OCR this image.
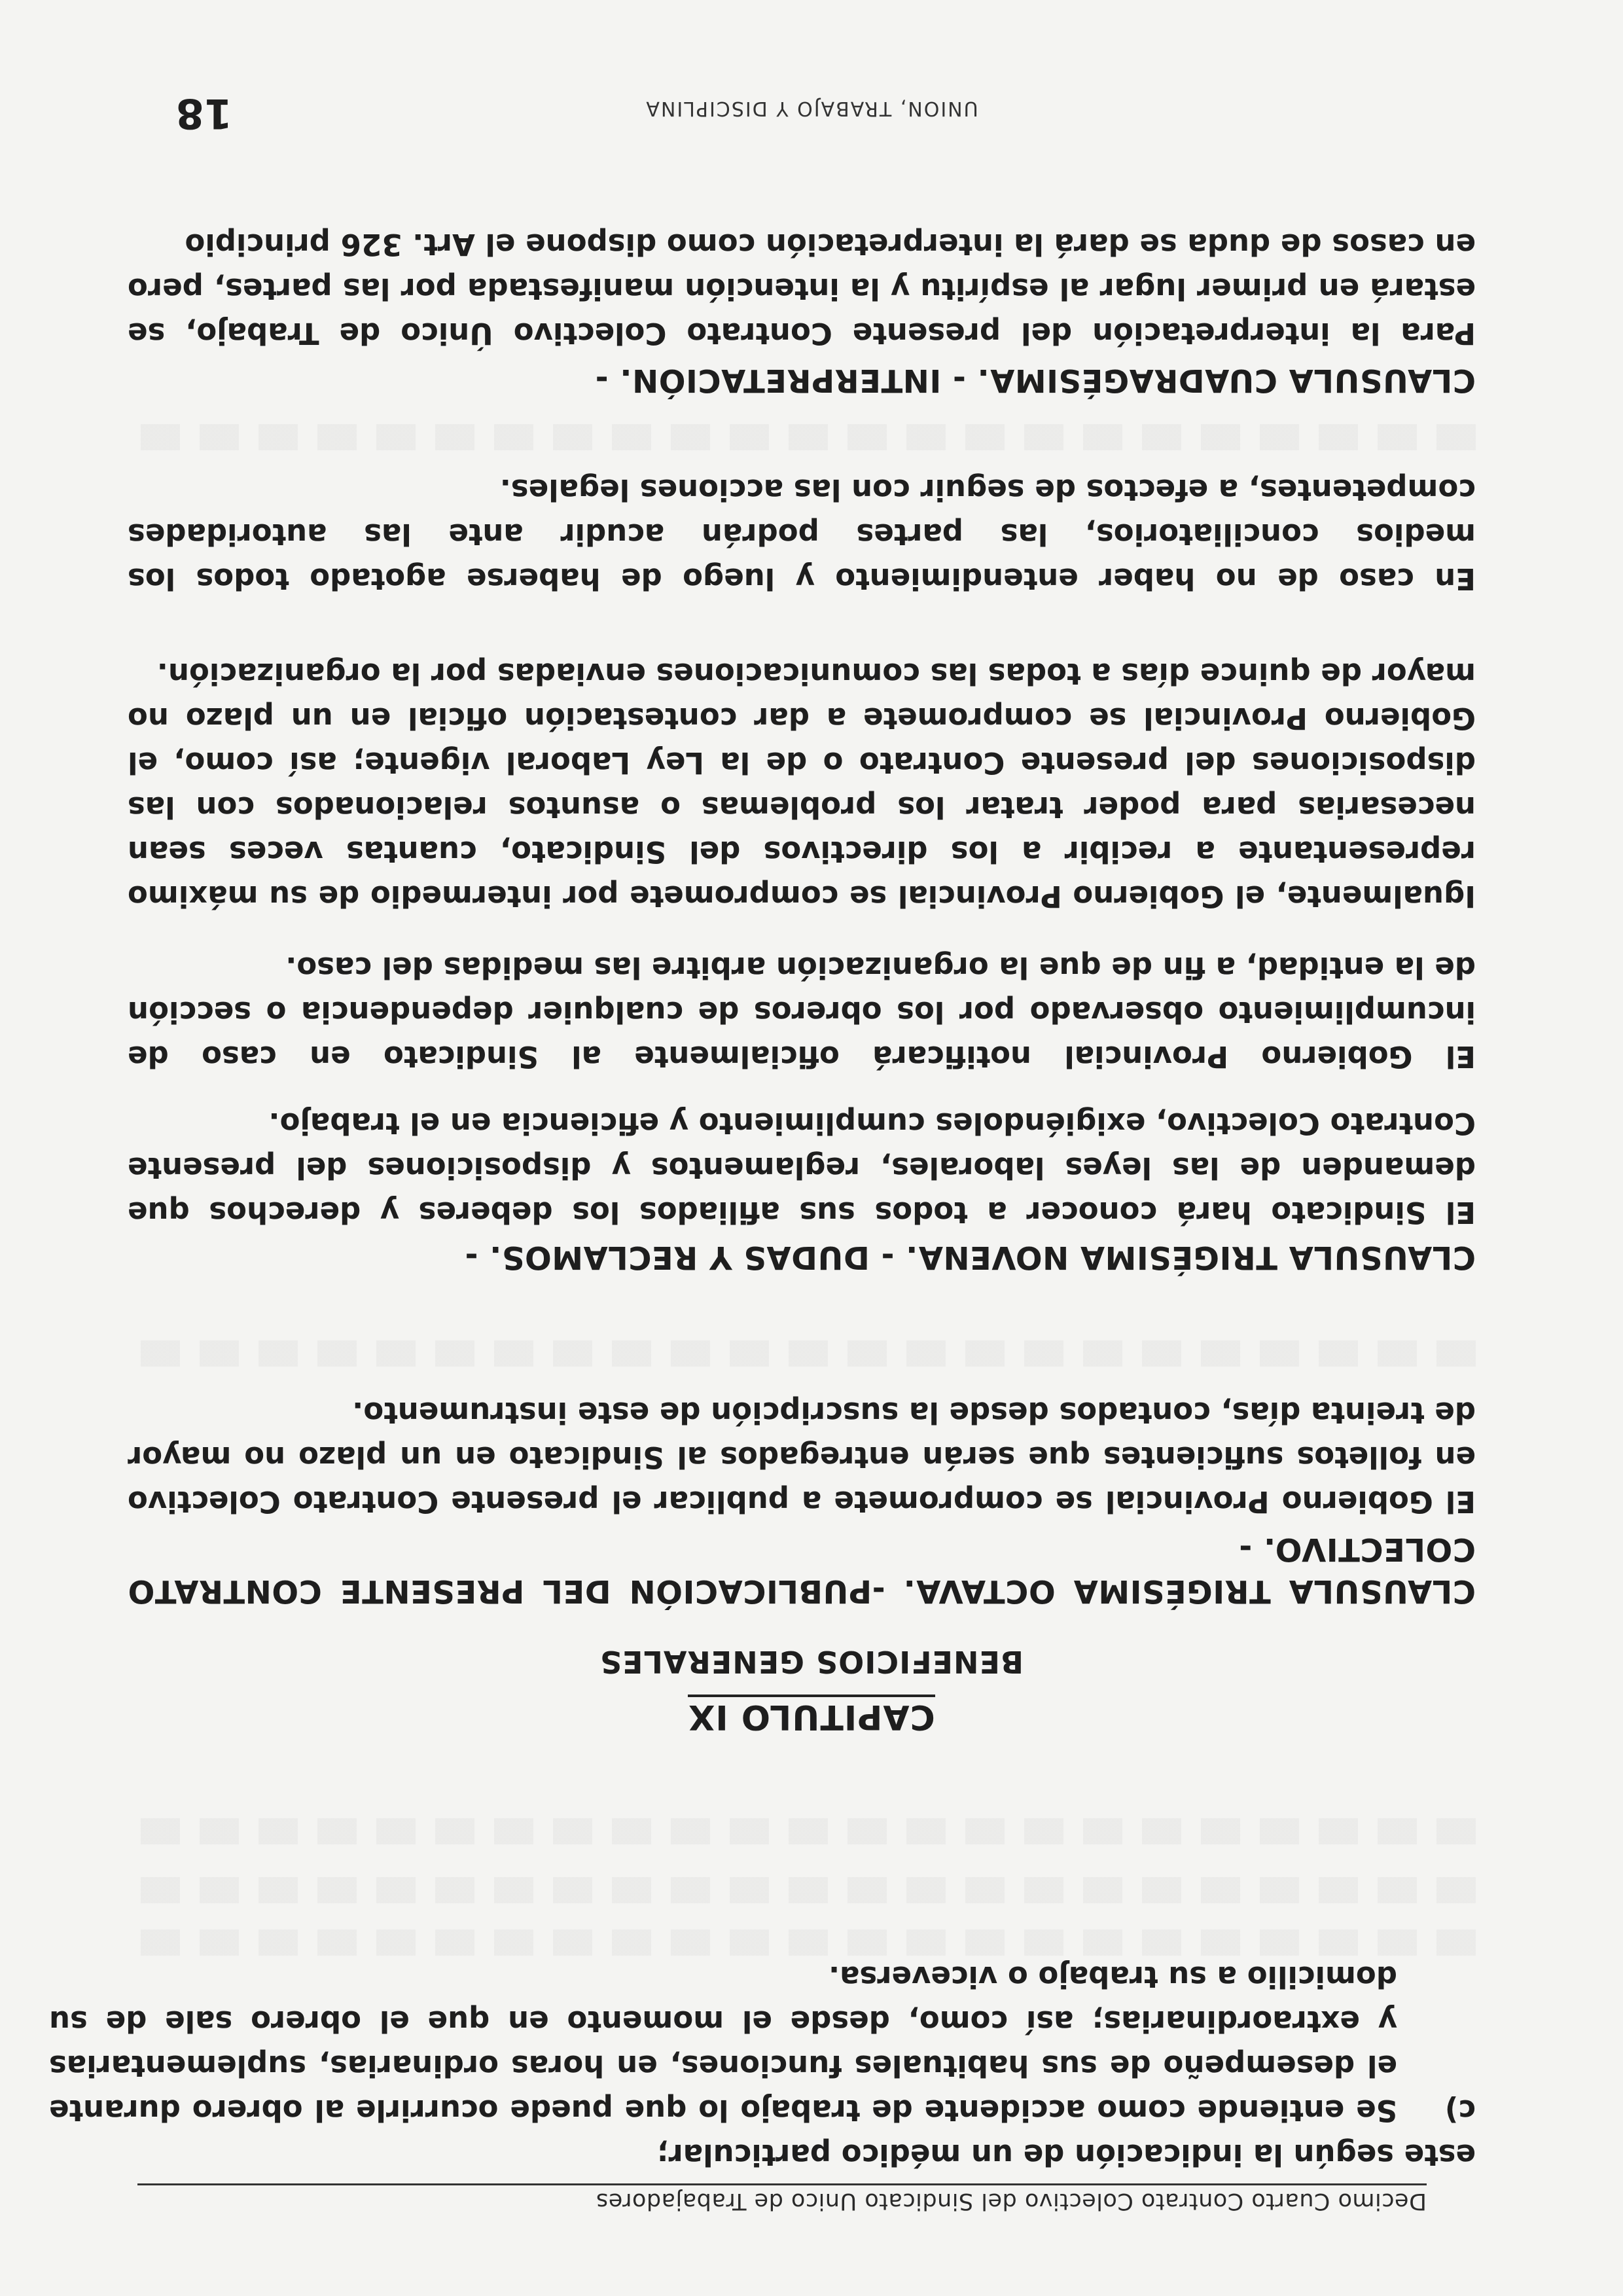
Decimo Cuarto Contrato Colectivo del Sindicato Unico de Trabajadores

este según la indicación de un médico particular;

c)

Se entiende como accidente de trabajo lo que puede ocurrirle al obrero durante el desempeño de sus habituales funciones, en horas ordinarias, suplementarias y extraordinarias; así como, desde el momento en que el obrero sale de su domicilio a su trabajo o viceversa.

CAPITULO IX
BENEFICIOS GENERALES
CLAUSULA TRIGÉSIMA OCTAVA. -PUBLICACIÓN DEL PRESENTE CONTRATO COLECTIVO. -

El Gobierno Provincial se compromete a publicar el presente Contrato Colectivo en folletos suficientes que serán entregados al Sindicato en un plazo no mayor de treinta días, contados desde la suscripción de este instrumento.

CLAUSULA TRIGÉSIMA NOVENA. - DUDAS Y RECLAMOS. -

El Sindicato hará conocer a todos sus afiliados los deberes y derechos que demanden de las leyes laborales, reglamentos y disposiciones del presente Contrato Colectivo, exigiéndoles cumplimiento y eficiencia en el trabajo.

El Gobierno Provincial notificará oficialmente al Sindicato en caso de incumplimiento observado por los obreros de cualquier dependencia o sección de la entidad, a fin de que la organización arbitre las medidas del caso.

Igualmente, el Gobierno Provincial se compromete por intermedio de su máximo representante a recibir a los directivos del Sindicato, cuantas veces sean necesarias para poder tratar los problemas o asuntos relacionados con las disposiciones del presente Contrato o de la Ley Laboral vigente; así como, el Gobierno Provincial se compromete a dar contestación oficial en un plazo no mayor de quince días a todas las comunicaciones enviadas por la organización.

En caso de no haber entendimiento y luego de haberse agotado todos los medios conciliatorios, las partes podrán acudir ante las autoridades competentes, a efectos de seguir con las acciones legales.

CLAUSULA CUADRAGÉSIMA. - INTERPRETACIÓN. -

Para la interpretación del presente Contrato Colectivo Único de Trabajo, se estará en primer lugar al espíritu y la intención manifestada por las partes, pero en casos de duda se dará la interpretación como dispone el Art. 326 principio

UNION, TRABAJO Y DISCIPLINA
18
